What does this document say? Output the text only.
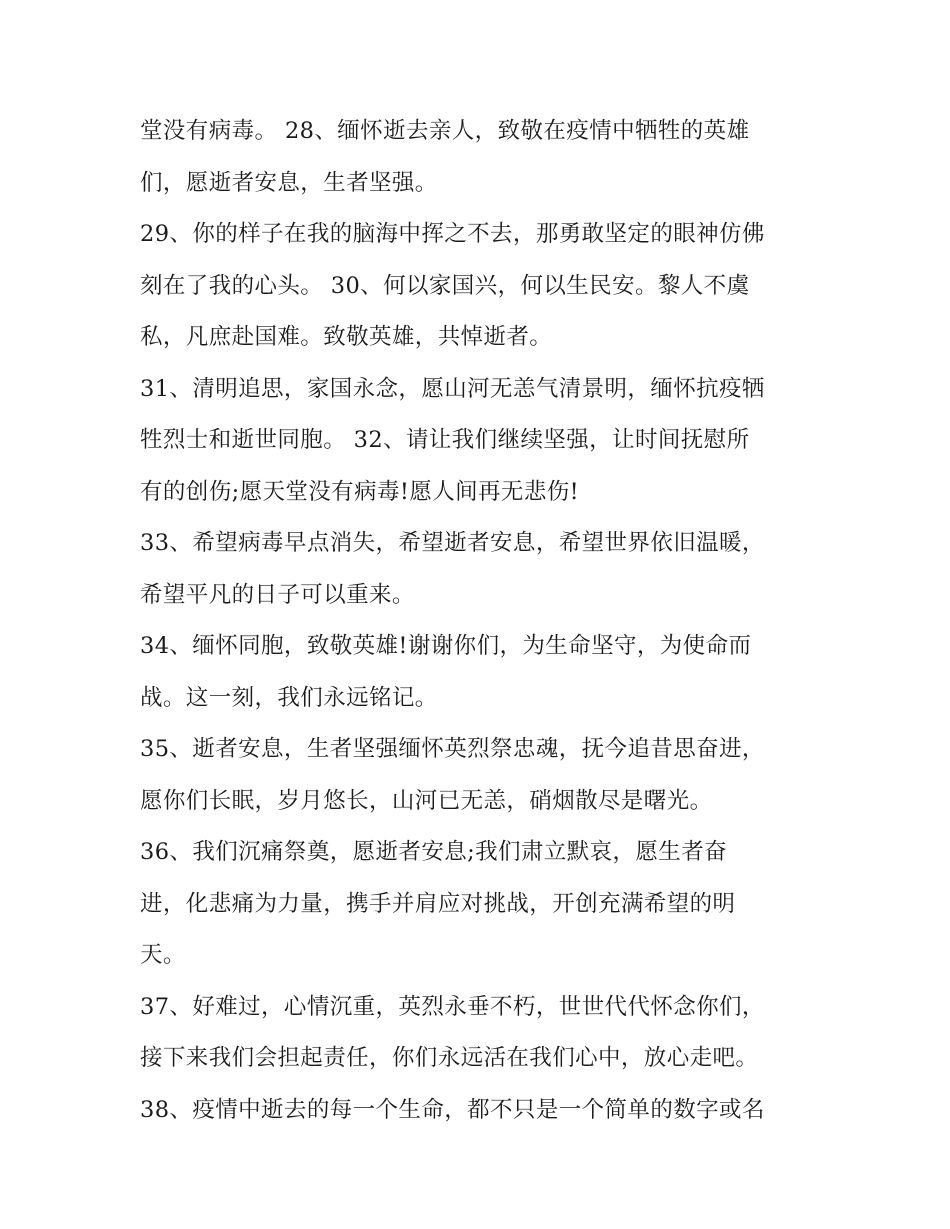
堂没有病毒。 28、缅怀逝去亲人，致敬在疫情中牺牲的英雄
们，愿逝者安息，生者坚强。
29、你的样子在我的脑海中挥之不去，那勇敢坚定的眼神仿佛
刻在了我的心头。 30、何以家国兴，何以生民安。黎人不虞
私，凡庶赴国难。致敬英雄，共悼逝者。
31、清明追思，家国永念，愿山河无恙气清景明，缅怀抗疫牺
牲烈士和逝世同胞。 32、请让我们继续坚强，让时间抚慰所
有的创伤;愿天堂没有病毒!愿人间再无悲伤!
33、希望病毒早点消失，希望逝者安息，希望世界依旧温暖，
希望平凡的日子可以重来。
34、缅怀同胞，致敬英雄!谢谢你们，为生命坚守，为使命而
战。这一刻，我们永远铭记。
35、逝者安息，生者坚强缅怀英烈祭忠魂，抚今追昔思奋进，
愿你们长眠，岁月悠长，山河已无恙，硝烟散尽是曙光。
36、我们沉痛祭奠，愿逝者安息;我们肃立默哀，愿生者奋
进，化悲痛为力量，携手并肩应对挑战，开创充满希望的明
天。
37、好难过，心情沉重，英烈永垂不朽，世世代代怀念你们，
接下来我们会担起责任，你们永远活在我们心中，放心走吧。
38、疫情中逝去的每一个生命，都不只是一个简单的数字或名
